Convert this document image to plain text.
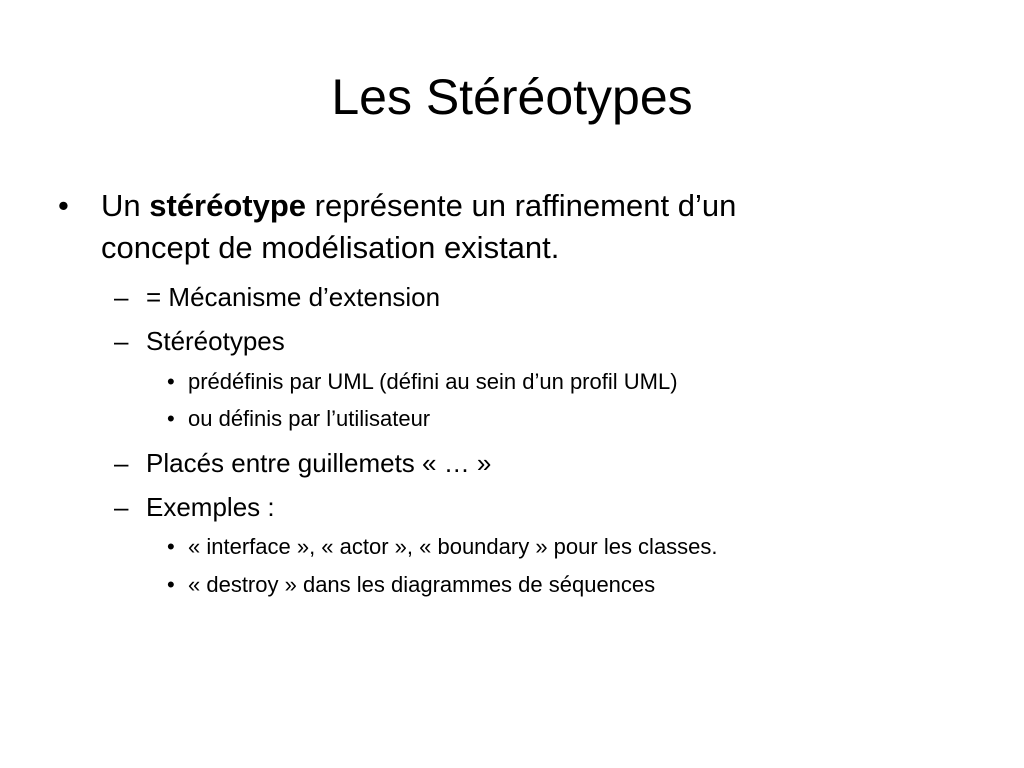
Les Stéréotypes
• Un stéréotype représente un raffinement d’un
concept de modélisation existant.
– = Mécanisme d’extension
– Stéréotypes
• prédéfinis par UML (défini au sein d’un profil UML)
• ou définis par l’utilisateur
– Placés entre guillemets « … »
– Exemples :
• « interface », « actor », « boundary » pour les classes.
• « destroy » dans les diagrammes de séquences
